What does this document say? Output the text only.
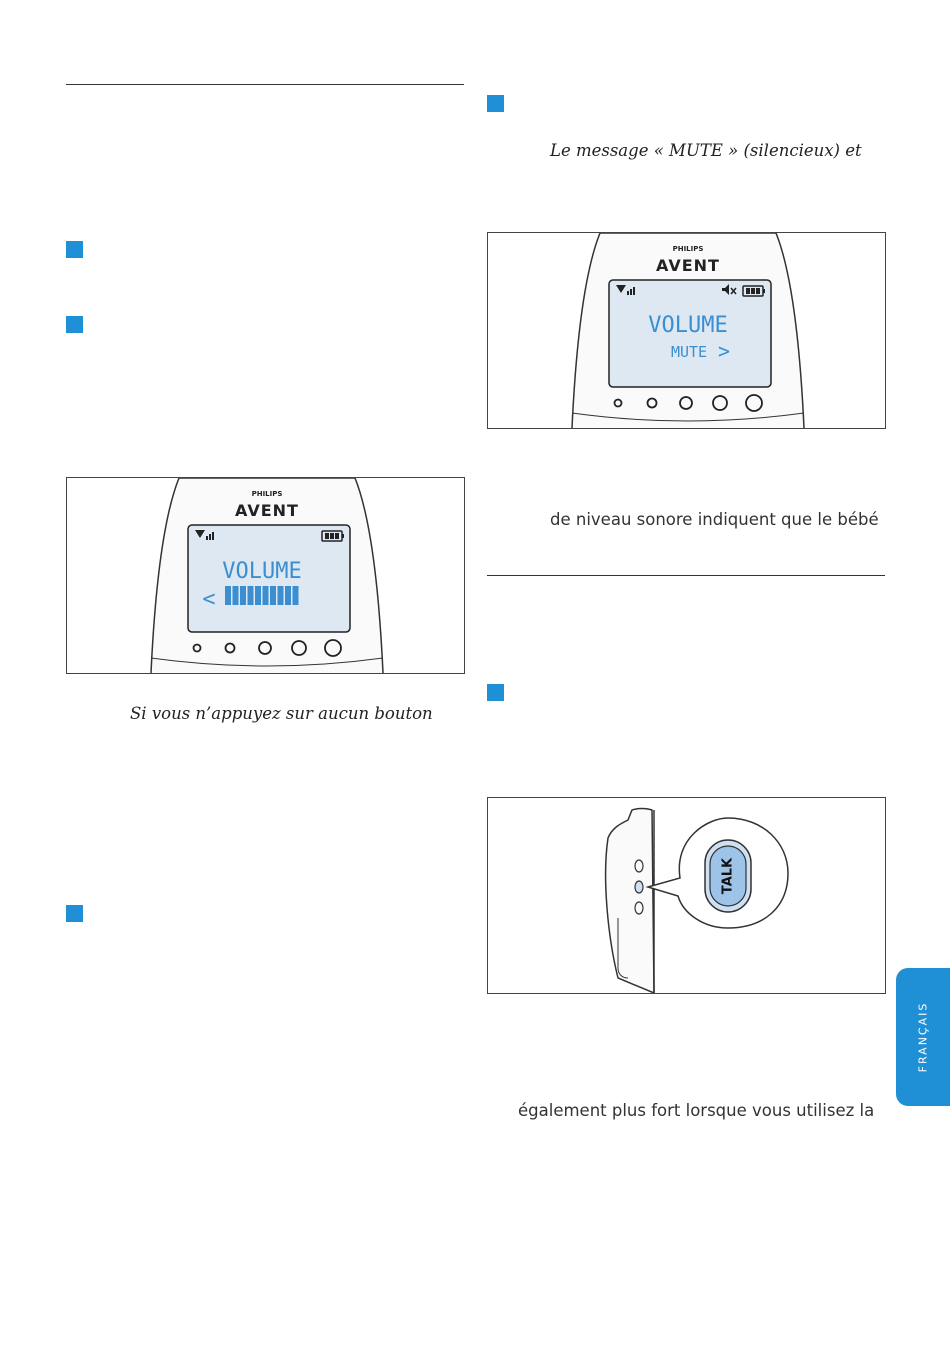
PHILIPS
AVENT
VOLUME
<
Si vous n’appuyez sur aucun bouton
Le message « MUTE » (silencieux) et
PHILIPS
AVENT
VOLUME
MUTE >
de niveau sonore indiquent que le bébé
TALK
également plus fort lorsque vous utilisez la
FRANÇAIS
